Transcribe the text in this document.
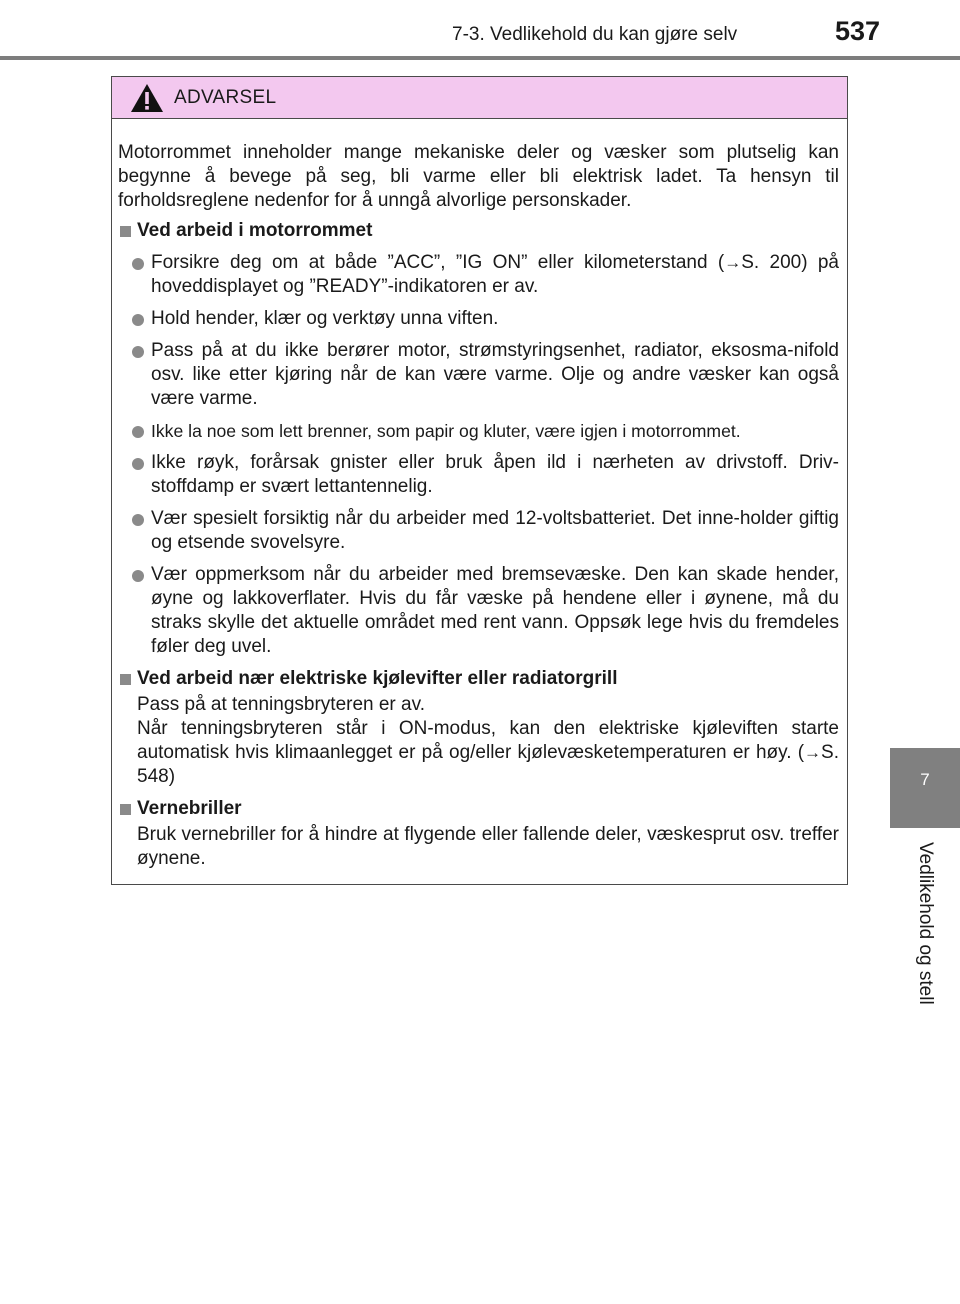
7-3. Vedlikehold du kan gjøre selv	537
7
Vedlikehold og stell
ADVARSEL

Motorrommet inneholder mange mekaniske deler og væsker som plutselig kan begynne å bevege på seg, bli varme eller bli elektrisk ladet. Ta hensyn til forholdsreglene nedenfor for å unngå alvorlige personskader.

Ved arbeid i motorrommet

Forsikre deg om at både ”ACC”, ”IG ON” eller kilometerstand (→S. 200) på hoveddisplayet og ”READY”-indikatoren er av.

Hold hender, klær og verktøy unna viften.

Pass på at du ikke berører motor, strømstyringsenhet, radiator, eksosma-nifold osv. like etter kjøring når de kan være varme. Olje og andre væsker kan også være varme.

Ikke la noe som lett brenner, som papir og kluter, være igjen i motorrommet.

Ikke røyk, forårsak gnister eller bruk åpen ild i nærheten av drivstoff. Driv-stoffdamp er svært lettantennelig.

Vær spesielt forsiktig når du arbeider med 12-voltsbatteriet. Det inne-holder giftig og etsende svovelsyre.

Vær oppmerksom når du arbeider med bremsevæske. Den kan skade hender, øyne og lakkoverflater. Hvis du får væske på hendene eller i øynene, må du straks skylle det aktuelle området med rent vann. Oppsøk lege hvis du fremdeles føler deg uvel.

Ved arbeid nær elektriske kjølevifter eller radiatorgrill

Pass på at tenningsbryteren er av.

Når tenningsbryteren står i ON-modus, kan den elektriske kjøleviften starte automatisk hvis klimaanlegget er på og/eller kjølevæsketemperaturen er høy. (→S. 548)

Vernebriller

Bruk vernebriller for å hindre at flygende eller fallende deler, væskesprut osv. treffer øynene.
